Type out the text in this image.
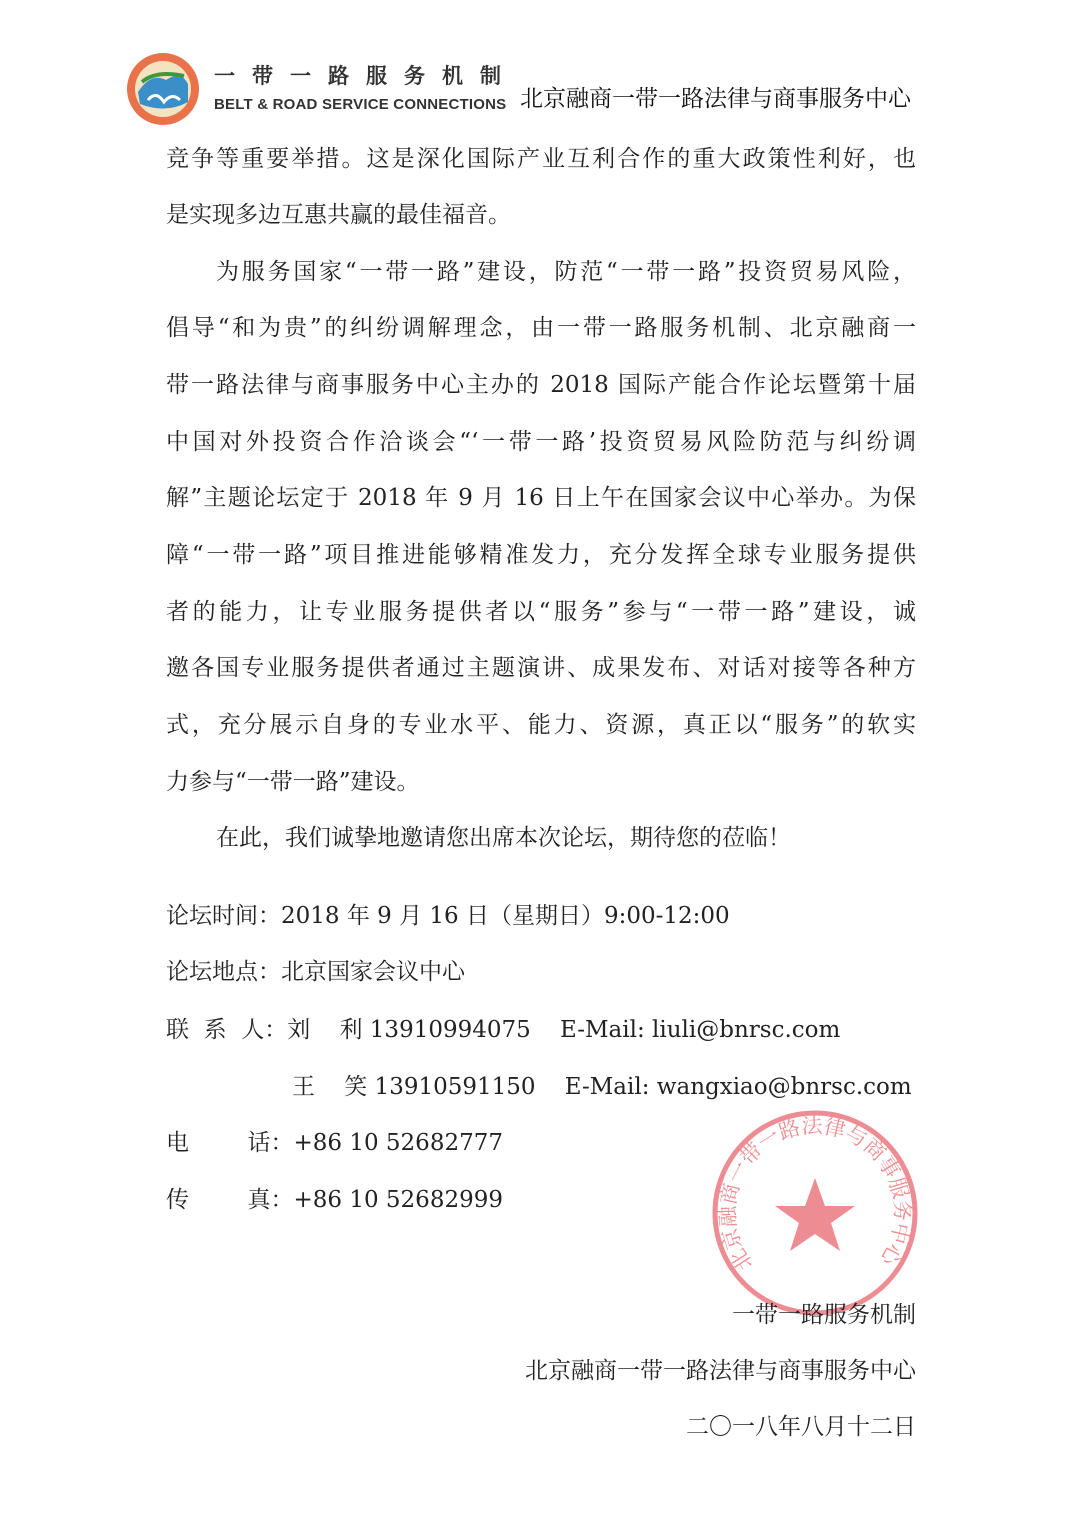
一带一路服务机制
BELT & ROAD SERVICE CONNECTIONS 北京融商一带一路法律与商事服务中心
竞争等重要举措。这是深化国际产业互利合作的重大政策性利好，也
是实现多边互惠共赢的最佳福音。
为服务国家“一带一路”建设，防范“一带一路”投资贸易风险，
倡导“和为贵”的纠纷调解理念，由一带一路服务机制、北京融商一
带一路法律与商事服务中心主办的 2018 国际产能合作论坛暨第十届
中国对外投资合作洽谈会“‘一带一路’投资贸易风险防范与纠纷调
解”主题论坛定于 2018 年 9 月 16 日上午在国家会议中心举办。为保
障“一带一路”项目推进能够精准发力，充分发挥全球专业服务提供
者的能力，让专业服务提供者以“服务”参与“一带一路”建设，诚
邀各国专业服务提供者通过主题演讲、成果发布、对话对接等各种方
式，充分展示自身的专业水平、能力、资源，真正以“服务”的软实
力参与“一带一路”建设。
在此，我们诚挚地邀请您出席本次论坛，期待您的莅临！
论坛时间：2018 年 9 月 16 日（星期日）9:00-12:00
论坛地点：北京国家会议中心
联  系  人：刘    利 13910994075    E-Mail: liuli@bnrsc.com
王    笑 13910591150    E-Mail: wangxiao@bnrsc.com
电        话：+86 10 52682777
传        真：+86 10 52682999
北京融商一带一路法律与商事服务中心
一带一路服务机制
北京融商一带一路法律与商事服务中心
二〇一八年八月十二日
